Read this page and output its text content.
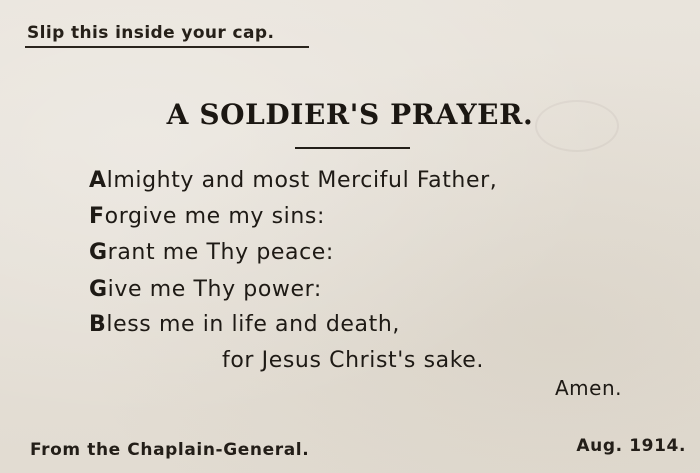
Slip this inside your cap.
A SOLDIER'S PRAYER.
Almighty and most Merciful Father,
Forgive me my sins:
Grant me Thy peace:
Give me Thy power:
Bless me in life and death,
for Jesus Christ's sake.
Amen.
From the Chaplain-General.	Aug. 1914.
